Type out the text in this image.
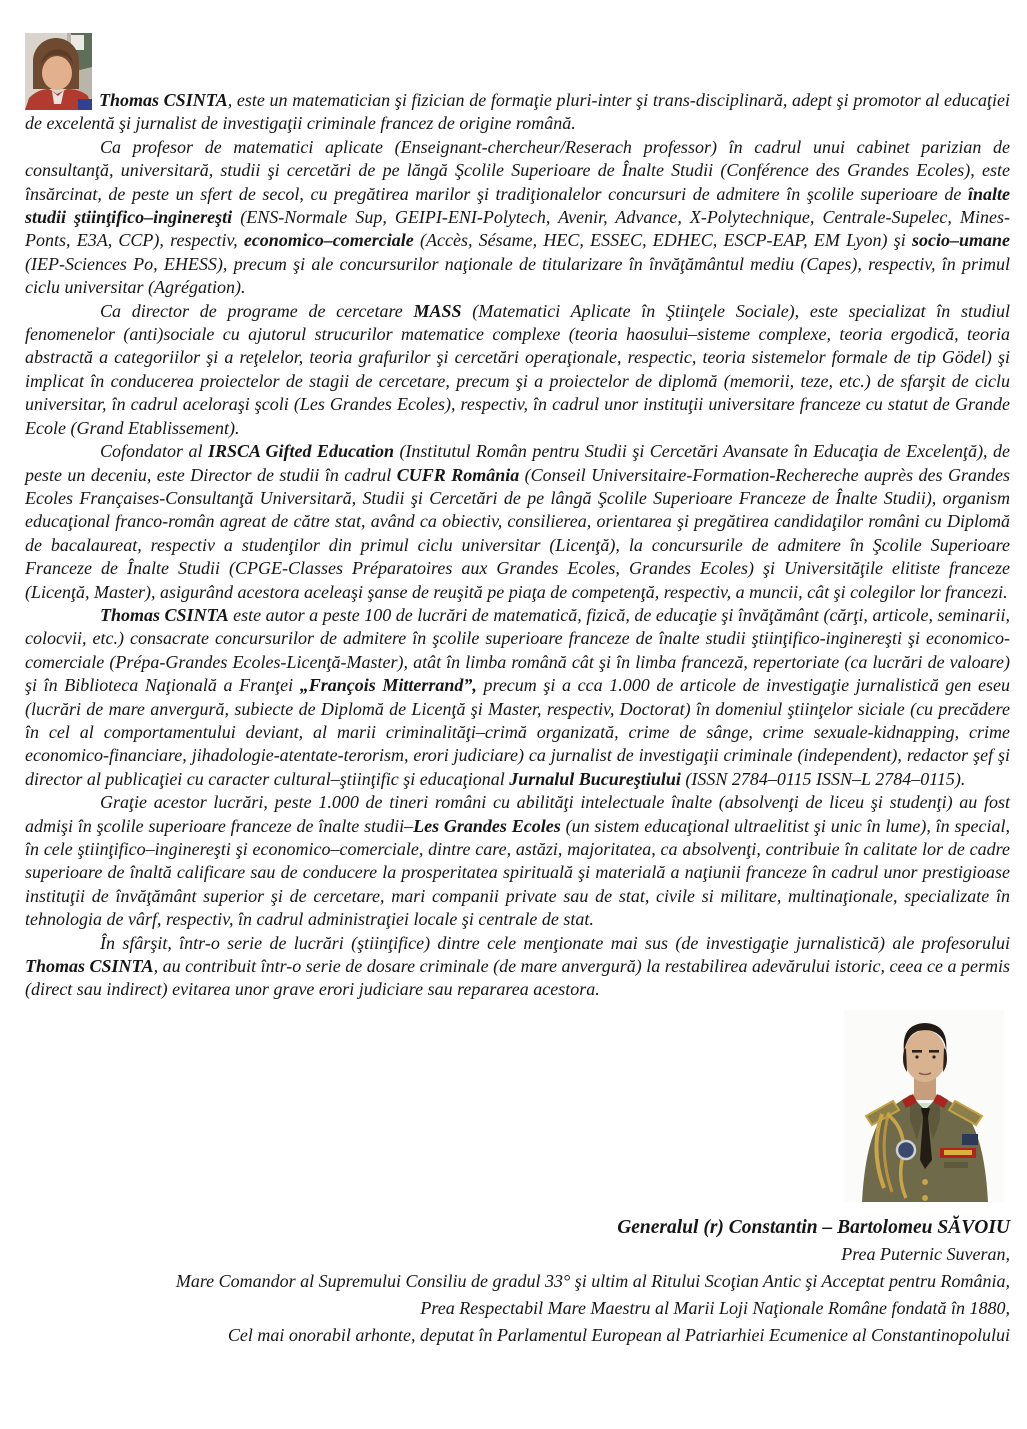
Thomas CSINTA, este un matematician şi fizician de formaţie pluri-inter şi trans-disciplinară, adept şi promotor al educaţiei de excelentă şi jurnalist de investigaţii criminale francez de origine română.

Ca profesor de matematici aplicate (Enseignant-chercheur/Reserach professor) în cadrul unui cabinet parizian de consultanţă, universitară, studii şi cercetări de pe lăngă Şcolile Superioare de Înalte Studii (Conférence des Grandes Ecoles), este însărcinat, de peste un sfert de secol, cu pregătirea marilor şi tradiţionalelor concursuri de admitere în şcolile superioare de înalte studii ştiinţifico–inginereşti (ENS-Normale Sup, GEIPI-ENI-Polytech, Avenir, Advance, X-Polytechnique, Centrale-Supelec, Mines-Ponts, E3A, CCP), respectiv, economico–comerciale (Accès, Sésame, HEC, ESSEC, EDHEC, ESCP-EAP, EM Lyon) şi socio–umane (IEP-Sciences Po, EHESS), precum şi ale concursurilor naţionale de titularizare în învăţământul mediu (Capes), respectiv, în primul ciclu universitar (Agrégation).

Ca director de programe de cercetare MASS (Matematici Aplicate în Ştiinţele Sociale), este specializat în studiul fenomenelor (anti)sociale cu ajutorul strucurilor matematice complexe (teoria haosului–sisteme complexe, teoria ergodică, teoria abstractă a categoriilor şi a reţelelor, teoria grafurilor şi cercetări operaţionale, respectic, teoria sistemelor formale de tip Gödel) şi implicat în conducerea proiectelor de stagii de cercetare, precum şi a proiectelor de diplomă (memorii, teze, etc.) de sfarşit de ciclu universitar, în cadrul aceloraşi şcoli (Les Grandes Ecoles), respectiv, în cadrul unor instituţii universitare franceze cu statut de Grande Ecole (Grand Etablissement).

Cofondator al IRSCA Gifted Education (Institutul Român pentru Studii şi Cercetări Avansate în Educaţia de Excelenţă), de peste un deceniu, este Director de studii în cadrul CUFR România (Conseil Universitaire-Formation-Rechereche auprès des Grandes Ecoles Françaises-Consultanţă Universitară, Studii şi Cercetări de pe lângă Şcolile Superioare Franceze de Înalte Studii), organism educaţional franco-român agreat de către stat, având ca obiectiv, consilierea, orientarea şi pregătirea candidaţilor români cu Diplomă de bacalaureat, respectiv a studenţilor din primul ciclu universitar (Licenţă), la concursurile de admitere în Şcolile Superioare Franceze de Înalte Studii (CPGE-Classes Préparatoires aux Grandes Ecoles, Grandes Ecoles) şi Universităţile elitiste franceze (Licenţă, Master), asigurând acestora aceleaşi şanse de reuşită pe piaţa de competenţă, respectiv, a muncii, cât şi colegilor lor francezi.

Thomas CSINTA este autor a peste 100 de lucrări de matematică, fizică, de educaţie şi învăţământ (cărţi, articole, seminarii, colocvii, etc.) consacrate concursurilor de admitere în şcolile superioare franceze de înalte studii ştiinţifico-inginereşti şi economico-comerciale (Prépa-Grandes Ecoles-Licenţă-Master), atât în limba română cât şi în limba franceză, repertoriate (ca lucrări de valoare) şi în Biblioteca Naţională a Franţei „François Mitterrand”, precum şi a cca 1.000 de articole de investigaţie jurnalistică gen eseu (lucrări de mare anvergură, subiecte de Diplomă de Licenţă şi Master, respectiv, Doctorat) în domeniul ştiinţelor siciale (cu precădere în cel al comportamentului deviant, al marii criminalităţi–crimă organizată, crime de sânge, crime sexuale-kidnapping, crime economico-financiare, jihadologie-atentate-terorism, erori judiciare) ca jurnalist de investigaţii criminale (independent), redactor şef şi director al publicaţiei cu caracter cultural–ştiinţific şi educaţional Jurnalul Bucureştiului (ISSN 2784–0115 ISSN–L 2784–0115).

Graţie acestor lucrări, peste 1.000 de tineri români cu abilităţi intelectuale înalte (absolvenţi de liceu şi studenţi) au fost admişi în şcolile superioare franceze de înalte studii–Les Grandes Ecoles (un sistem educaţional ultraelitist şi unic în lume), în special, în cele ştiinţifico–inginereşti şi economico–comerciale, dintre care, astăzi, majoritatea, ca absolvenţi, contribuie în calitate lor de cadre superioare de înaltă calificare sau de conducere la prosperitatea spirituală şi materială a naţiunii franceze în cadrul unor prestigioase instituţii de învăţământ superior şi de cercetare, mari companii private sau de stat, civile si militare, multinaţionale, specializate în tehnologia de vârf, respectiv, în cadrul administraţiei locale şi centrale de stat.

În sfârşit, într-o serie de lucrări (ştiinţifice) dintre cele menţionate mai sus (de investigaţie jurnalistică) ale profesorului Thomas CSINTA, au contribuit într-o serie de dosare criminale (de mare anvergură) la restabilirea adevărului istoric, ceea ce a permis (direct sau indirect) evitarea unor grave erori judiciare sau repararea acestora.

Generalul (r) Constantin – Bartolomeu SĂVOIU
Prea Puternic Suveran,
Mare Comandor al Supremului Consiliu de gradul 33° şi ultim al Ritului Scoţian Antic şi Acceptat pentru România,
Prea Respectabil Mare Maestru al Marii Loji Naţionale Române fondată în 1880,
Cel mai onorabil arhonte, deputat în Parlamentul European al Patriarhiei Ecumenice al Constantinopolului
